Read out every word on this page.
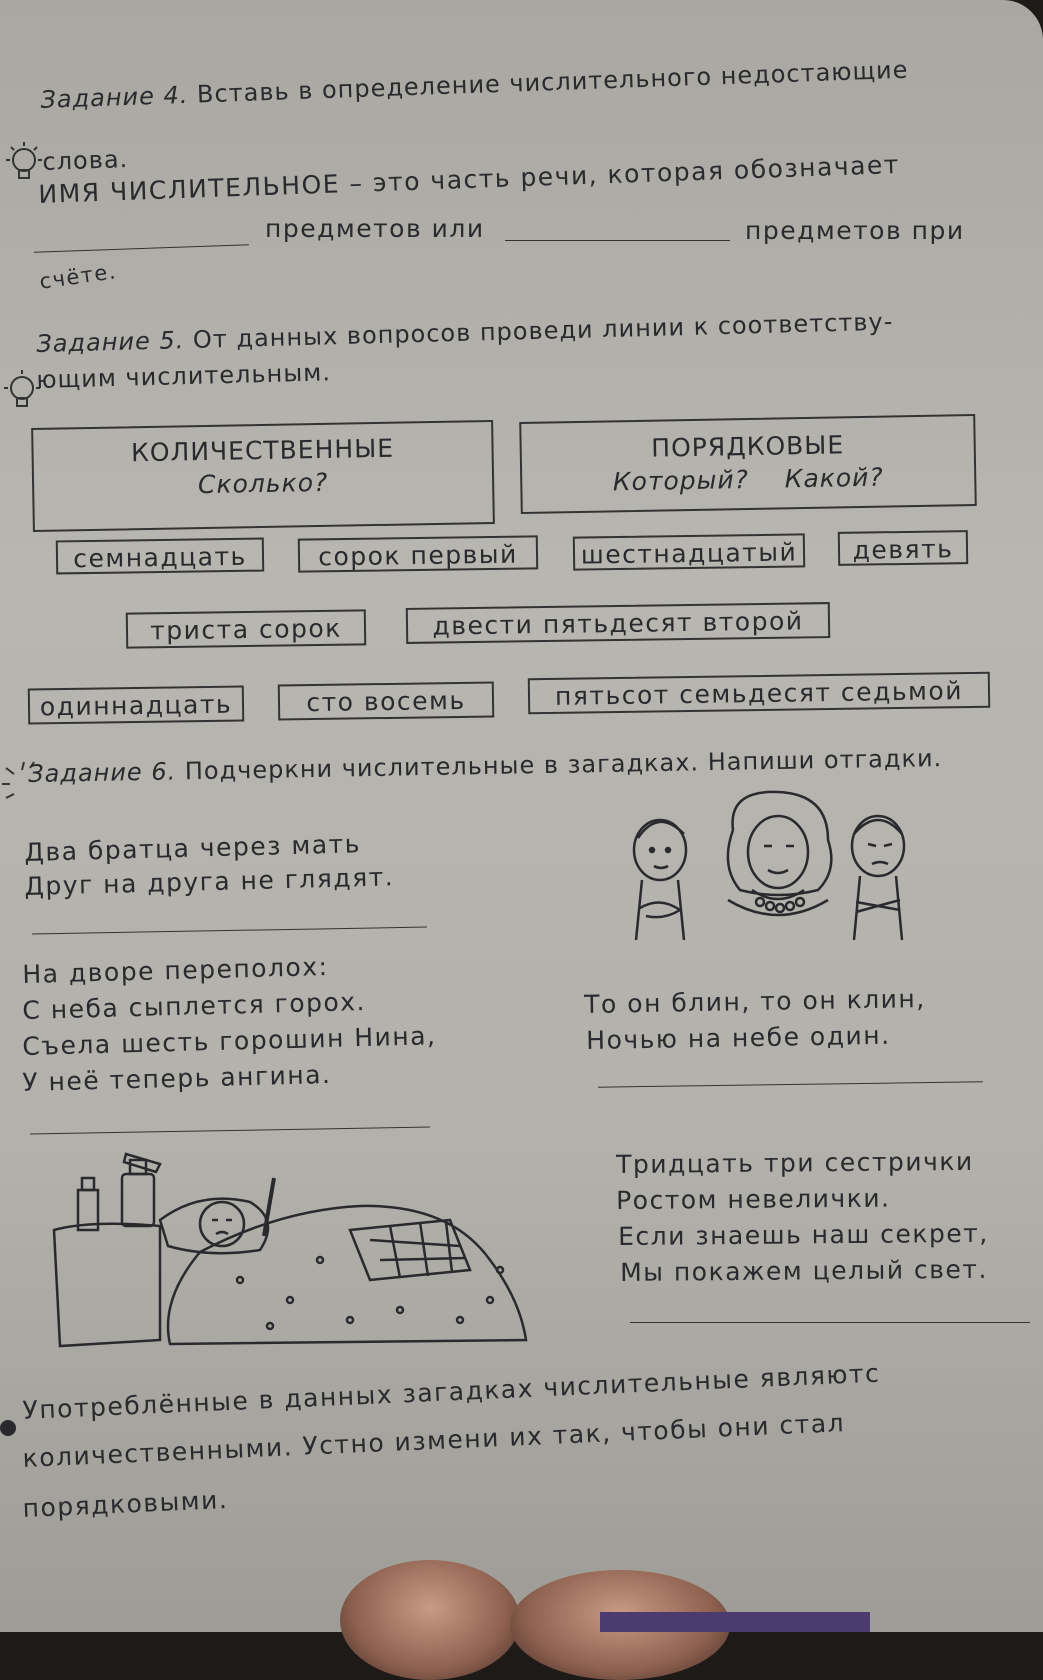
Задание 4. Вставь в определение числительного недостающие
слова.
ИМЯ ЧИСЛИТЕЛЬНОЕ – это часть речи, которая обозначает
предметов или	предметов при
счёте.
Задание 5. От данных вопросов проведи линии к соответству-
ющим числительным.
КОЛИЧЕСТВЕННЫЕ
Сколько?
ПОРЯДКОВЫЕ
Который?    Какой?
семнадцать	сорок первый	шестнадцатый	девять
триста сорок	двести пятьдесят второй
одиннадцать	сто восемь	пятьсот семьдесят седьмой
Задание 6. Подчеркни числительные в загадках. Напиши отгадки.
Два братца через мать
Друг на друга не глядят.
На дворе переполох:
С неба сыплется горох.
Съела шесть горошин Нина,
У неё теперь ангина.
То он блин, то он клин,
Ночью на небе один.
Тридцать три сестрички
Ростом невелички.
Если знаешь наш секрет,
Мы покажем целый свет.
Употреблённые в данных загадках числительные являютс
количественными. Устно измени их так, чтобы они стал
порядковыми.
